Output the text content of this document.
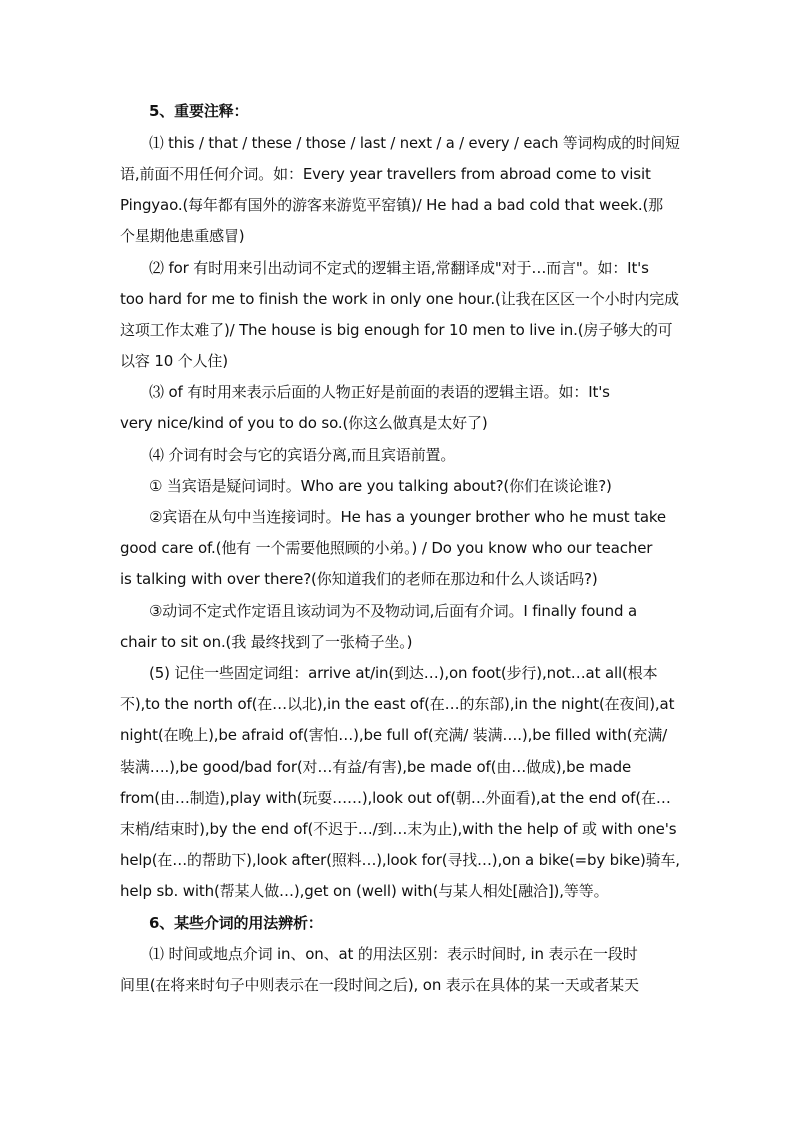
5、重要注释：
⑴ this / that / these / those / last / next / a / every / each 等词构成的时间短
语,前面不用任何介词。如：Every year travellers from abroad come to visit
Pingyao.(每年都有国外的游客来游览平窑镇)/ He had a bad cold that week.(那
个星期他患重感冒)
⑵ for 有时用来引出动词不定式的逻辑主语,常翻译成"对于…而言"。如：It's
too hard for me to finish the work in only one hour.(让我在区区一个小时内完成
这项工作太难了)/ The house is big enough for 10 men to live in.(房子够大的可
以容 10 个人住)
⑶ of 有时用来表示后面的人物正好是前面的表语的逻辑主语。如：It's
very nice/kind of you to do so.(你这么做真是太好了)
⑷ 介词有时会与它的宾语分离,而且宾语前置。
① 当宾语是疑问词时。Who are you talking about?(你们在谈论谁?)
②宾语在从句中当连接词时。He has a younger brother who he must take
good care of.(他有 一个需要他照顾的小弟。) / Do you know who our teacher
is talking with over there?(你知道我们的老师在那边和什么人谈话吗?)
③动词不定式作定语且该动词为不及物动词,后面有介词。I finally found a
chair to sit on.(我 最终找到了一张椅子坐。)
(5) 记住一些固定词组：arrive at/in(到达…),on foot(步行),not…at all(根本
不),to the north of(在…以北),in the east of(在…的东部),in the night(在夜间),at
night(在晚上),be afraid of(害怕…),be full of(充满/ 装满….),be filled with(充满/
装满….),be good/bad for(对…有益/有害),be made of(由…做成),be made
from(由…制造),play with(玩耍……),look out of(朝…外面看),at the end of(在…
末梢/结束时),by the end of(不迟于…/到…末为止),with the help of 或 with one's
help(在…的帮助下),look after(照料…),look for(寻找…),on a bike(=by bike)骑车,
help sb. with(帮某人做…),get on (well) with(与某人相处[融洽]),等等。
6、某些介词的用法辨析：
⑴ 时间或地点介词 in、on、at 的用法区别：表示时间时, in 表示在一段时
间里(在将来时句子中则表示在一段时间之后), on 表示在具体的某一天或者某天
